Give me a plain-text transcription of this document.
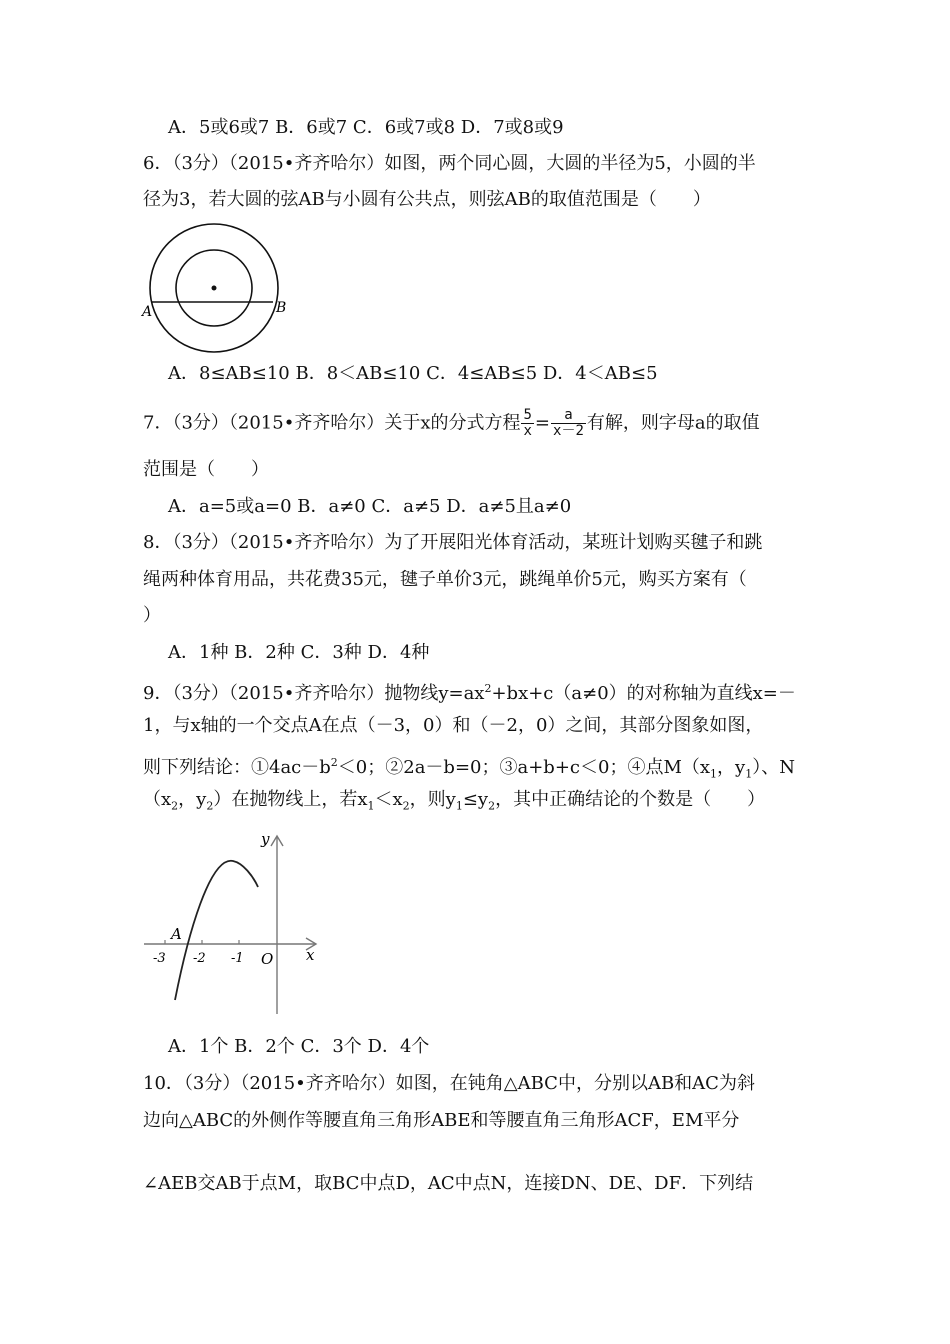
A．5或6或7 B．6或7 C．6或7或8 D．7或8或9
6．（3分）（2015•齐齐哈尔）如图，两个同心圆，大圆的半径为5，小圆的半
径为3，若大圆的弦AB与小圆有公共点，则弦AB的取值范围是（　　）
A	B
A．8≤AB≤10 B．8＜AB≤10 C．4≤AB≤5 D．4＜AB≤5
7．（3分）（2015•齐齐哈尔）关于x的分式方程 $\frac{5}{x} = \frac{a}{x-2}$ 有解，则字母a的取值
范围是（　　）
A．a=5或a=0 B．a≠0 C．a≠5 D．a≠5且a≠0
8．（3分）（2015•齐齐哈尔）为了开展阳光体育活动，某班计划购买毽子和跳
绳两种体育用品，共花费35元，毽子单价3元，跳绳单价5元，购买方案有（
）
A．1种 B．2种 C．3种 D．4种
9．（3分）（2015•齐齐哈尔）抛物线$y=ax^2+bx+c(a\ne 0)$的对称轴为直线x=－
1，与x轴的一个交点A在点（－3，0）和（－2，0）之间，其部分图象如图，
则下列结论：$①4ac-b^2<0$；②2a－b=0；③a+b+c＜0；④点$M(x_1$，$y_1$）、N
（$x_2$，$y_2$）在抛物线上，若$x_1<x_2$，则$y_1\le y_2$，其中正确结论的个数是（　　）
y
x
A
O
-3 -2 -1
A．1个 B．2个 C．3个 D．4个
10．（3分）（2015•齐齐哈尔）如图，在钝角△ABC中，分别以AB和AC为斜
边向△ABC的外侧作等腰直角三角形ABE和等腰直角三角形ACF，EM平分
∠AEB交AB于点M，取BC中点D，AC中点N，连接DN、DE、DF．下列结
